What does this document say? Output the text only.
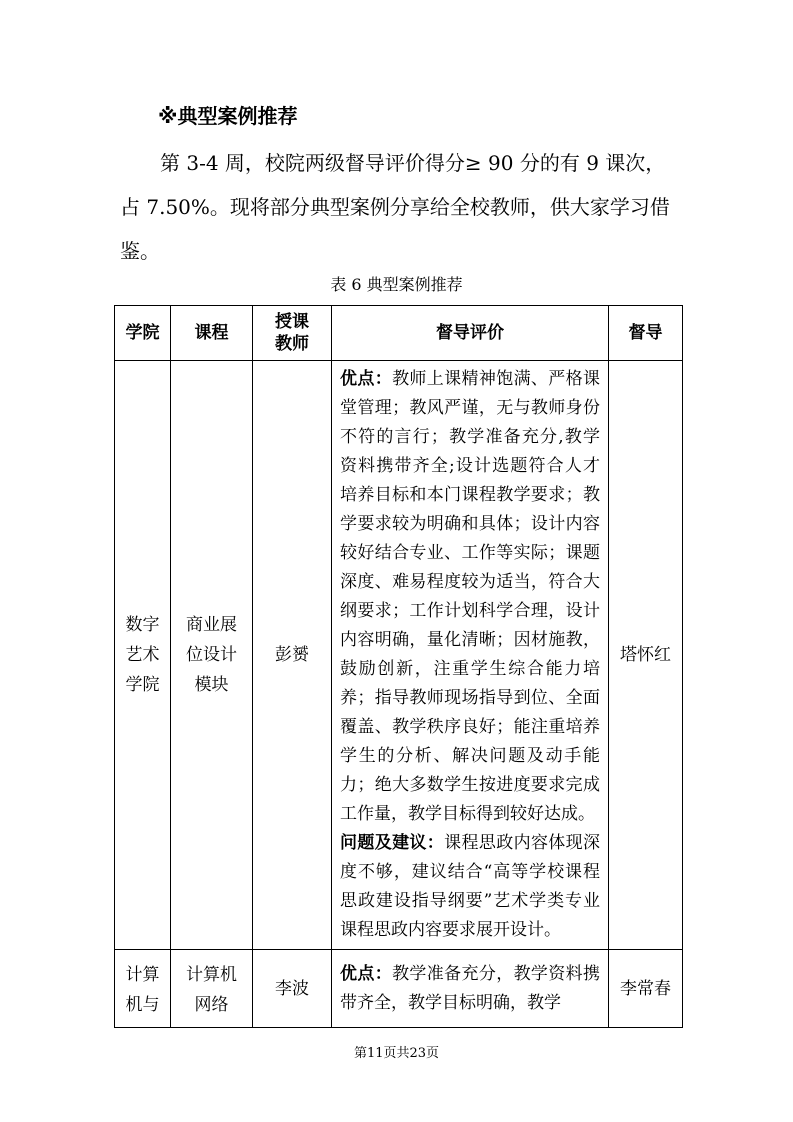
※典型案例推荐
第 3-4 周，校院两级督导评价得分≥ 90 分的有 9 课次，占 7.50%。现将部分典型案例分享给全校教师，供大家学习借鉴。
表 6 典型案例推荐
学院	课程	授课教师	督导评价	督导
数字艺术学院	商业展位设计模块	彭赟	优点：教师上课精神饱满、严格课堂管理；教风严谨，无与教师身份不符的言行；教学准备充分,教学资料携带齐全;设计选题符合人才培养目标和本门课程教学要求；教学要求较为明确和具体；设计内容较好结合专业、工作等实际；课题深度、难易程度较为适当，符合大纲要求；工作计划科学合理，设计内容明确，量化清晰；因材施教，鼓励创新，注重学生综合能力培养；指导教师现场指导到位、全面覆盖、教学秩序良好；能注重培养学生的分析、解决问题及动手能力；绝大多数学生按进度要求完成工作量，教学目标得到较好达成。
问题及建议：课程思政内容体现深度不够，建议结合“高等学校课程思政建设指导纲要”艺术学类专业课程思政内容要求展开设计。	塔怀红
计算机与	计算机网络	李波	优点：教学准备充分，教学资料携带齐全，教学目标明确，教学	李常春
第11页共23页
